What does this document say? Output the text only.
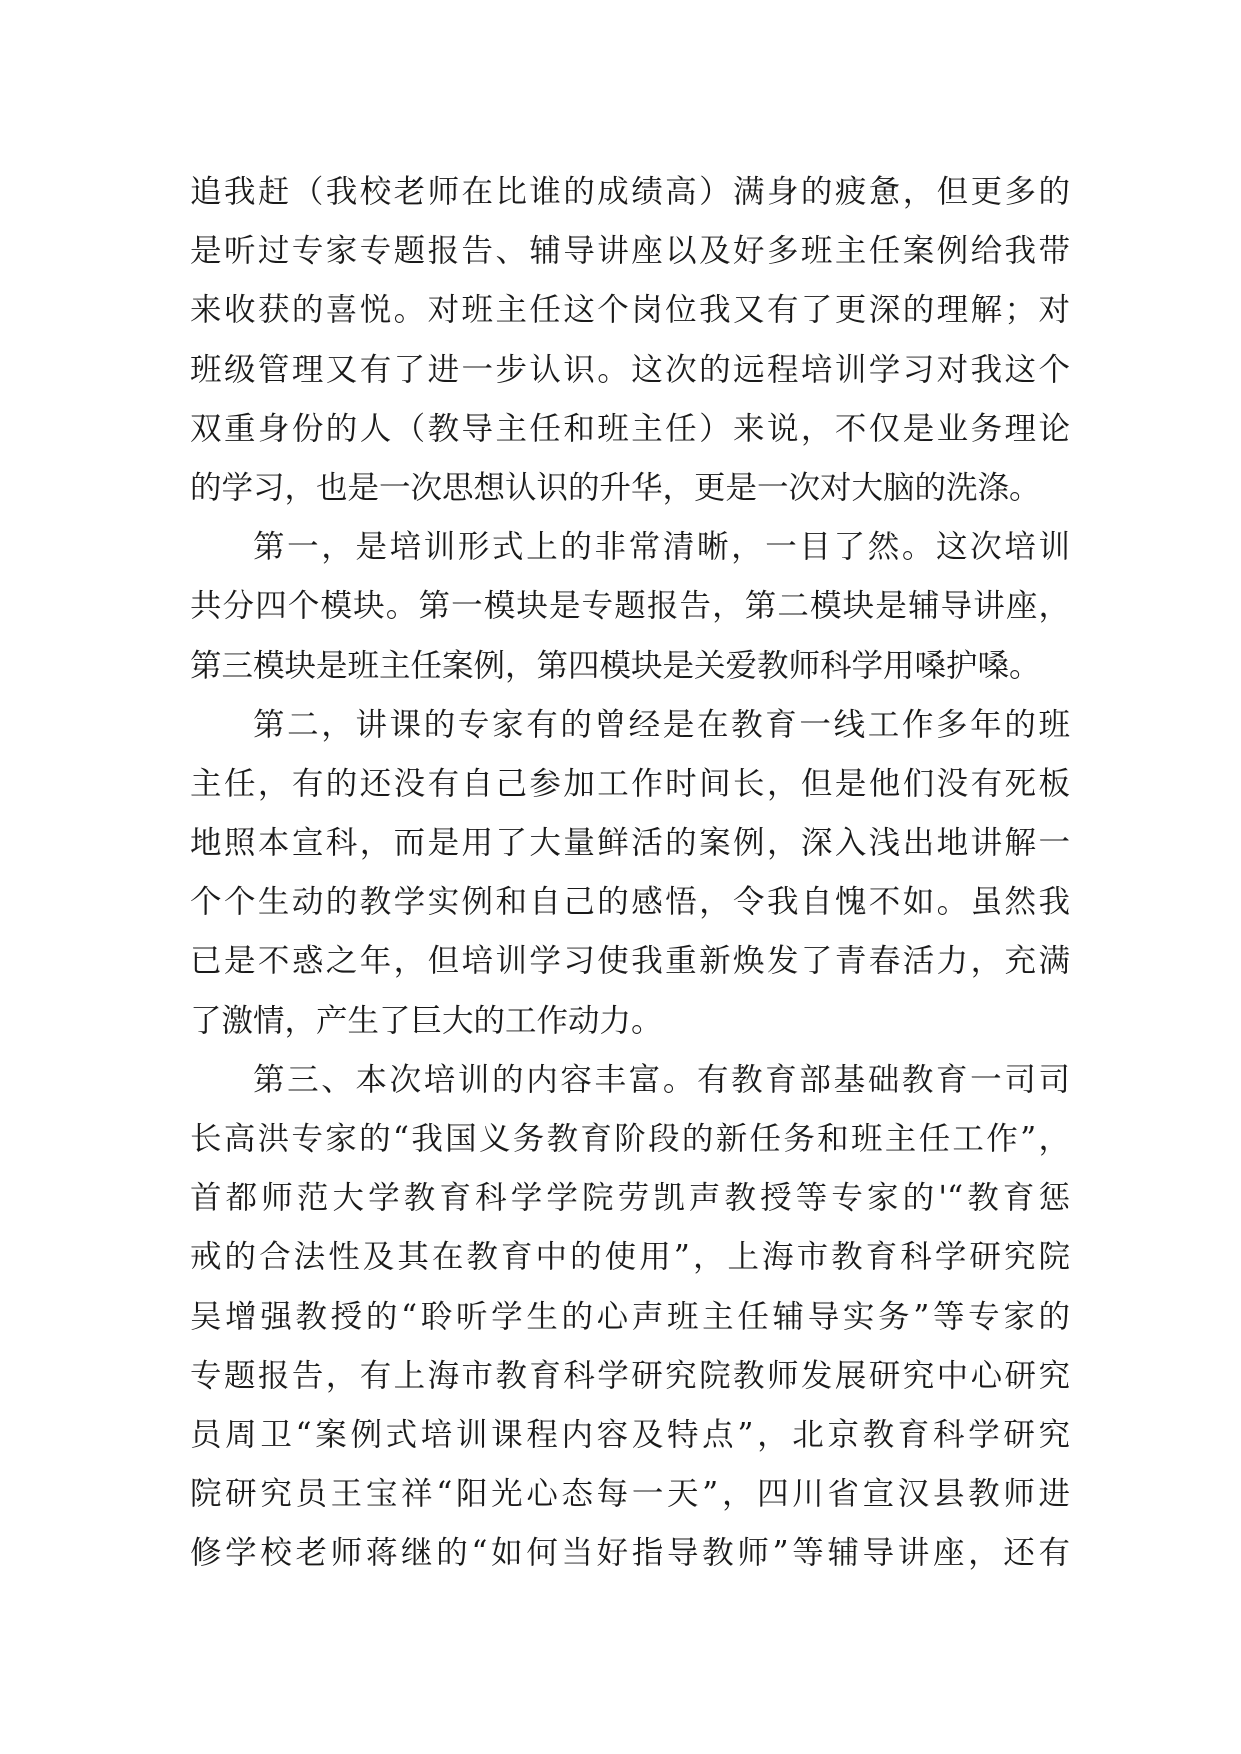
追我赶（我校老师在比谁的成绩高）满身的疲惫，但更多的
是听过专家专题报告、辅导讲座以及好多班主任案例给我带
来收获的喜悦。对班主任这个岗位我又有了更深的理解；对
班级管理又有了进一步认识。这次的远程培训学习对我这个
双重身份的人（教导主任和班主任）来说，不仅是业务理论
的学习，也是一次思想认识的升华，更是一次对大脑的洗涤。
第一，是培训形式上的非常清晰，一目了然。这次培训
共分四个模块。第一模块是专题报告，第二模块是辅导讲座，
第三模块是班主任案例，第四模块是关爱教师科学用嗓护嗓。
第二，讲课的专家有的曾经是在教育一线工作多年的班
主任，有的还没有自己参加工作时间长，但是他们没有死板
地照本宣科，而是用了大量鲜活的案例，深入浅出地讲解一
个个生动的教学实例和自己的感悟，令我自愧不如。虽然我
已是不惑之年，但培训学习使我重新焕发了青春活力，充满
了激情，产生了巨大的工作动力。
第三、本次培训的内容丰富。有教育部基础教育一司司
长高洪专家的“我国义务教育阶段的新任务和班主任工作”，
首都师范大学教育科学学院劳凯声教授等专家的'“教育惩
戒的合法性及其在教育中的使用”，上海市教育科学研究院
吴增强教授的“聆听学生的心声班主任辅导实务”等专家的
专题报告，有上海市教育科学研究院教师发展研究中心研究
员周卫“案例式培训课程内容及特点”，北京教育科学研究
院研究员王宝祥“阳光心态每一天”，四川省宣汉县教师进
修学校老师蒋继的“如何当好指导教师”等辅导讲座，还有
